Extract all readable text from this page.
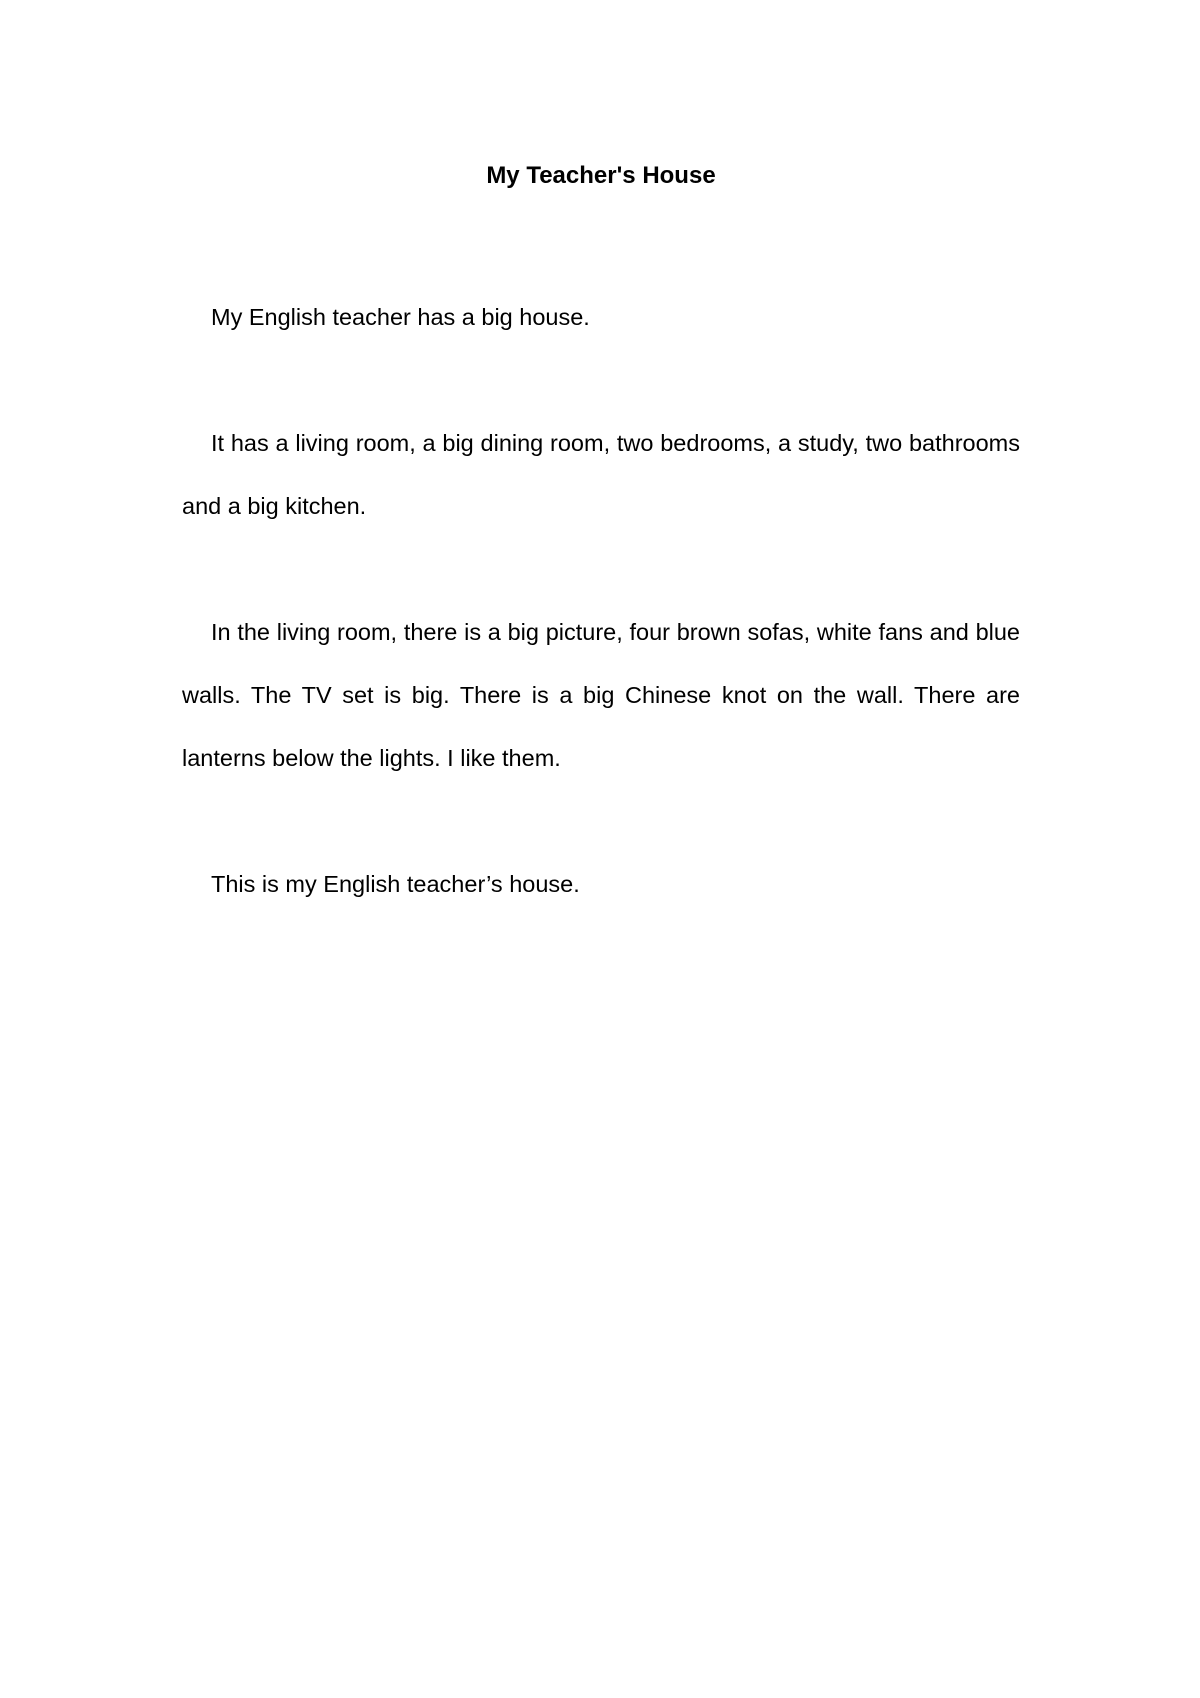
My Teacher's House

My English teacher has a big house.

It has a living room, a big dining room, two bedrooms, a study, two bathrooms and a big kitchen.

In the living room, there is a big picture, four brown sofas, white fans and blue walls. The TV set is big. There is a big Chinese knot on the wall. There are lanterns below the lights. I like them.

This is my English teacher’s house.
